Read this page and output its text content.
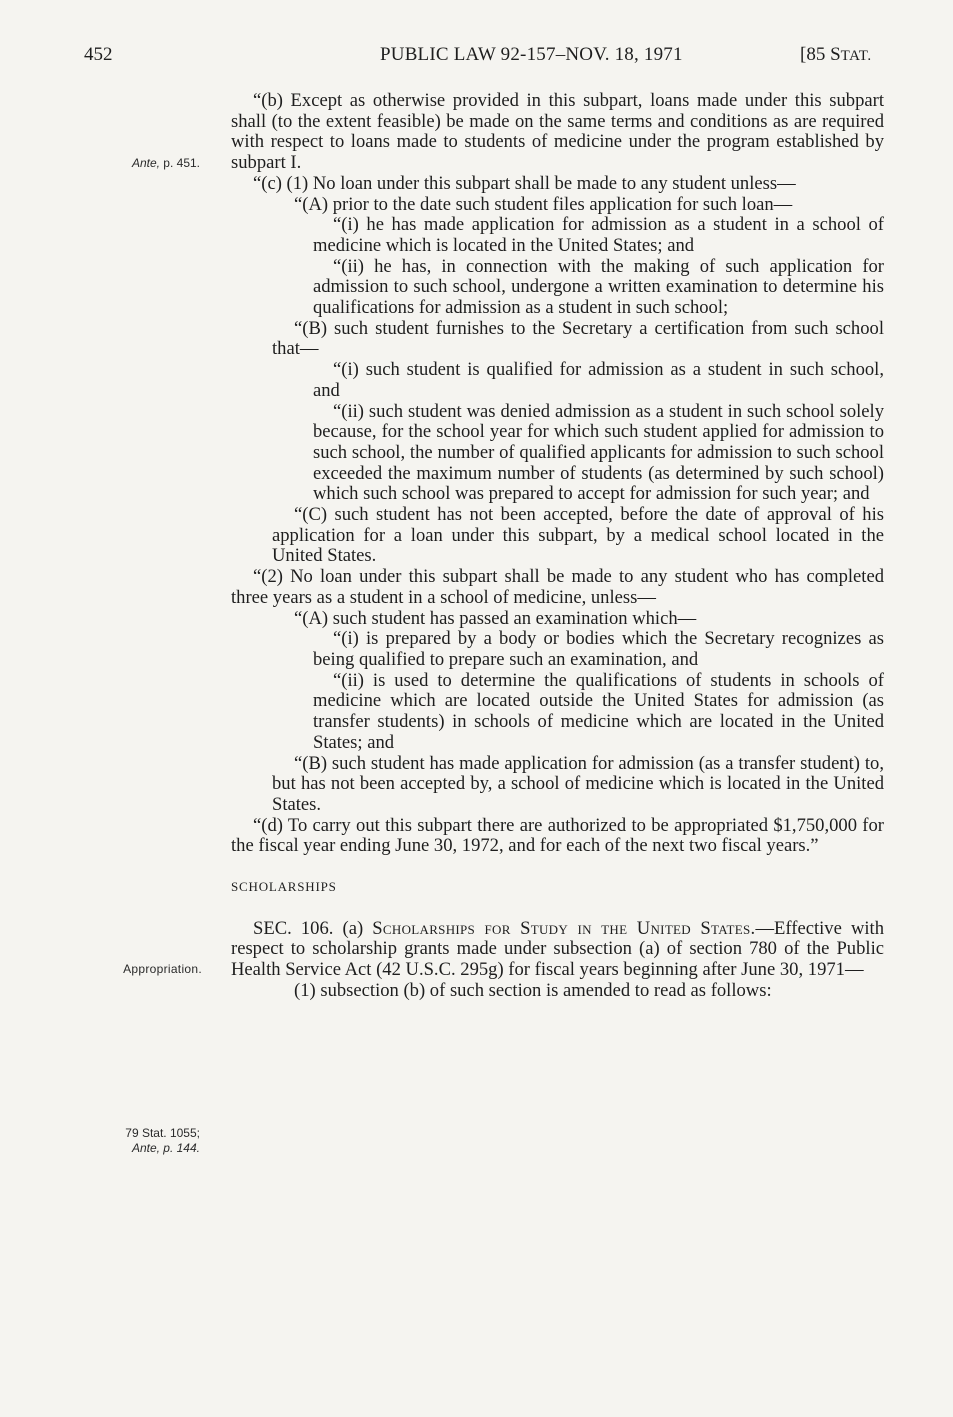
452	PUBLIC LAW 92-157–NOV. 18, 1971	[85 STAT.
Ante, p. 451.
Appropriation.
79 Stat. 1055;
Ante, p. 144.

“(b) Except as otherwise provided in this subpart, loans made under this subpart shall (to the extent feasible) be made on the same terms and conditions as are required with respect to loans made to students of medicine under the program established by subpart I.

“(c) (1) No loan under this subpart shall be made to any student unless—

“(A) prior to the date such student files application for such loan—

“(i) he has made application for admission as a student in a school of medicine which is located in the United States; and

“(ii) he has, in connection with the making of such application for admission to such school, undergone a written examination to determine his qualifications for admission as a student in such school;

“(B) such student furnishes to the Secretary a certification from such school that—

“(i) such student is qualified for admission as a student in such school, and

“(ii) such student was denied admission as a student in such school solely because, for the school year for which such student applied for admission to such school, the number of qualified applicants for admission to such school exceeded the maximum number of students (as determined by such school) which such school was prepared to accept for admission for such year; and

“(C) such student has not been accepted, before the date of approval of his application for a loan under this subpart, by a medical school located in the United States.

“(2) No loan under this subpart shall be made to any student who has completed three years as a student in a school of medicine, unless—

“(A) such student has passed an examination which—

“(i) is prepared by a body or bodies which the Secretary recognizes as being qualified to prepare such an examination, and

“(ii) is used to determine the qualifications of students in schools of medicine which are located outside the United States for admission (as transfer students) in schools of medicine which are located in the United States; and

“(B) such student has made application for admission (as a transfer student) to, but has not been accepted by, a school of medicine which is located in the United States.

“(d) To carry out this subpart there are authorized to be appropriated $1,750,000 for the fiscal year ending June 30, 1972, and for each of the next two fiscal years.”

SCHOLARSHIPS

SEC. 106. (a) Scholarships for Study in the United States.—Effective with respect to scholarship grants made under subsection (a) of section 780 of the Public Health Service Act (42 U.S.C. 295g) for fiscal years beginning after June 30, 1971—

(1) subsection (b) of such section is amended to read as follows:
